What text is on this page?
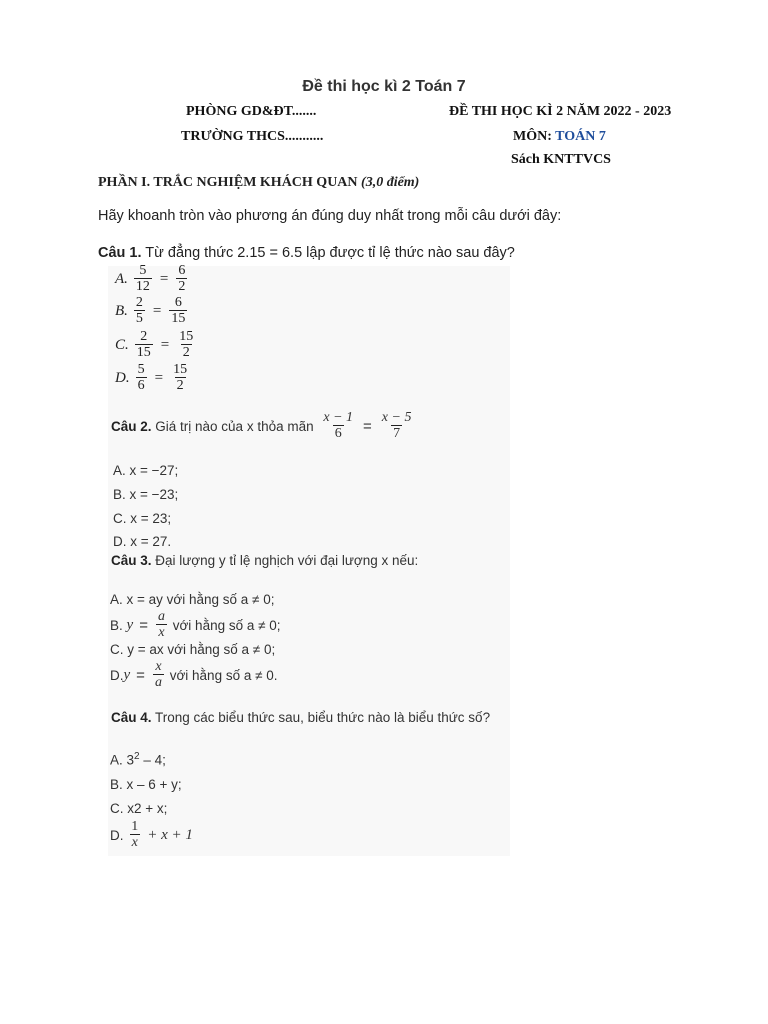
Đề thi học kì 2 Toán 7
PHÒNG GD&ĐT.......
TRƯỜNG THCS...........
ĐỀ THI HỌC KÌ 2 NĂM 2022 - 2023
MÔN: TOÁN 7
Sách KNTTVCS
PHẦN I. TRẮC NGHIỆM KHÁCH QUAN (3,0 điểm)
Hãy khoanh tròn vào phương án đúng duy nhất trong mỗi câu dưới đây:
Câu 1. Từ đẳng thức 2.15 = 6.5 lập được tỉ lệ thức nào sau đây?
A. $\frac{5}{12} = \frac{6}{2}$
B. $\frac{2}{5} = \frac{6}{15}$
C. $\frac{2}{15} = \frac{15}{2}$
D. $\frac{5}{6} = \frac{15}{2}$
Câu 2. Giá trị nào của x thỏa mãn $\frac{x - 1}{6} = \frac{x - 5}{7}$
A. x = −27;
B. x = −23;
C. x = 23;
D. x = 27.
Câu 3. Đại lượng y tỉ lệ nghịch với đại lượng x nếu:
A. x = ay với hằng số a ≠ 0;
B. $y = \frac{a}{x}$ với hằng số a ≠ 0;
C. y = ax với hằng số a ≠ 0;
D. $y = \frac{x}{a}$ với hằng số a ≠ 0.
Câu 4. Trong các biểu thức sau, biểu thức nào là biểu thức số?
A. $3^2 - 4$;
B. x – 6 + y;
C. x2 + x;
D. $\frac{1}{x} + x + 1$
